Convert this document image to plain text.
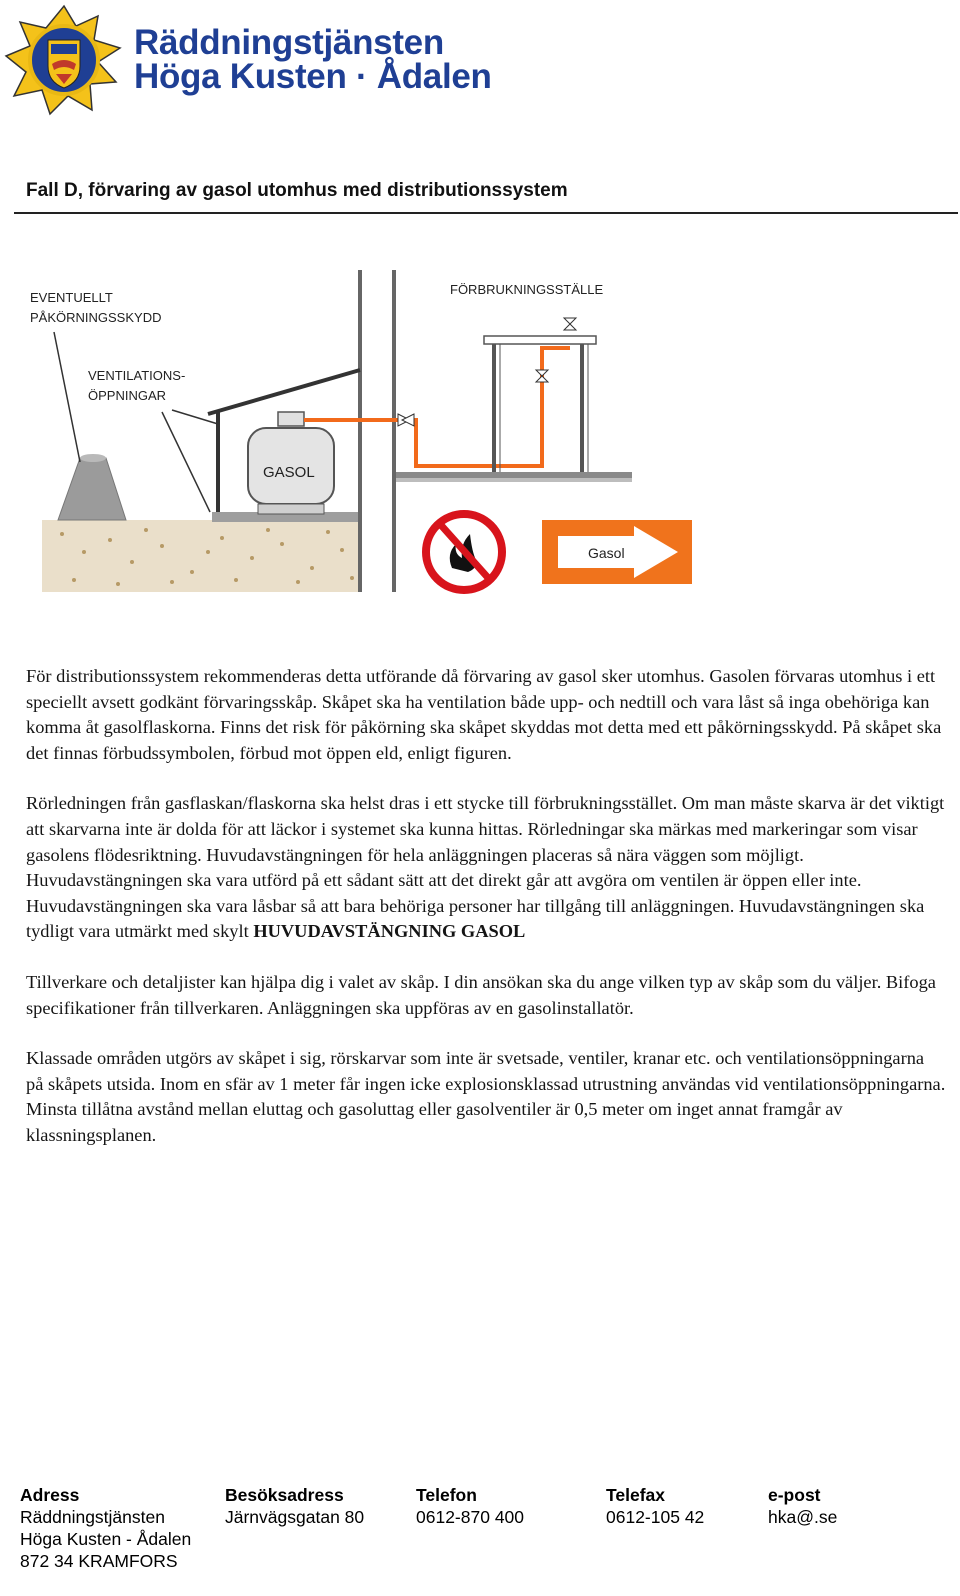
Räddningstjänsten
Höga Kusten · Ådalen
Fall D, förvaring av gasol utomhus med distributionssystem
GASOL
EVENTUELLT
PÅKÖRNINGSSKYDD
VENTILATIONS-
ÖPPNINGAR
FÖRBRUKNINGSSTÄLLE
Gasol

För distributionssystem rekommenderas detta utförande då förvaring av gasol sker utomhus. Gasolen förvaras utomhus i ett speciellt avsett godkänt förvaringsskåp. Skåpet ska ha ventilation både upp- och nedtill och vara låst så inga obehöriga kan komma åt gasolflaskorna. Finns det risk för påkörning ska skåpet skyddas mot detta med ett påkörningsskydd. På skåpet ska det finnas förbudssymbolen, förbud mot öppen eld, enligt figuren.

Rörledningen från gasflaskan/flaskorna ska helst dras i ett stycke till förbrukningsstället. Om man måste skarva är det viktigt att skarvarna inte är dolda för att läckor i systemet ska kunna hittas. Rörledningar ska märkas med markeringar som visar gasolens flödesriktning. Huvudavstängningen för hela anläggningen placeras så nära väggen som möjligt. Huvudavstängningen ska vara utförd på ett sådant sätt att det direkt går att avgöra om ventilen är öppen eller inte. Huvudavstängningen ska vara låsbar så att bara behöriga personer har tillgång till anläggningen. Huvudavstängningen ska tydligt vara utmärkt med skylt HUVUDAVSTÄNGNING GASOL

Tillverkare och detaljister kan hjälpa dig i valet av skåp. I din ansökan ska du ange vilken typ av skåp som du väljer. Bifoga specifikationer från tillverkaren. Anläggningen ska uppföras av en gasolinstallatör.

Klassade områden utgörs av skåpet i sig, rörskarvar som inte är svetsade, ventiler, kranar etc. och ventilationsöppningarna på skåpets utsida. Inom en sfär av 1 meter får ingen icke explosionsklassad utrustning användas vid ventilationsöppningarna. Minsta tillåtna avstånd mellan eluttag och gasoluttag eller gasolventiler är 0,5 meter om inget annat framgår av klassningsplanen.

Adress
Räddningstjänsten
Höga Kusten - Ådalen
872 34 KRAMFORS
Besöksadress
Järnvägsgatan 80
Telefon
0612-870 400
Telefax
0612-105 42
e-post
hka@.se
